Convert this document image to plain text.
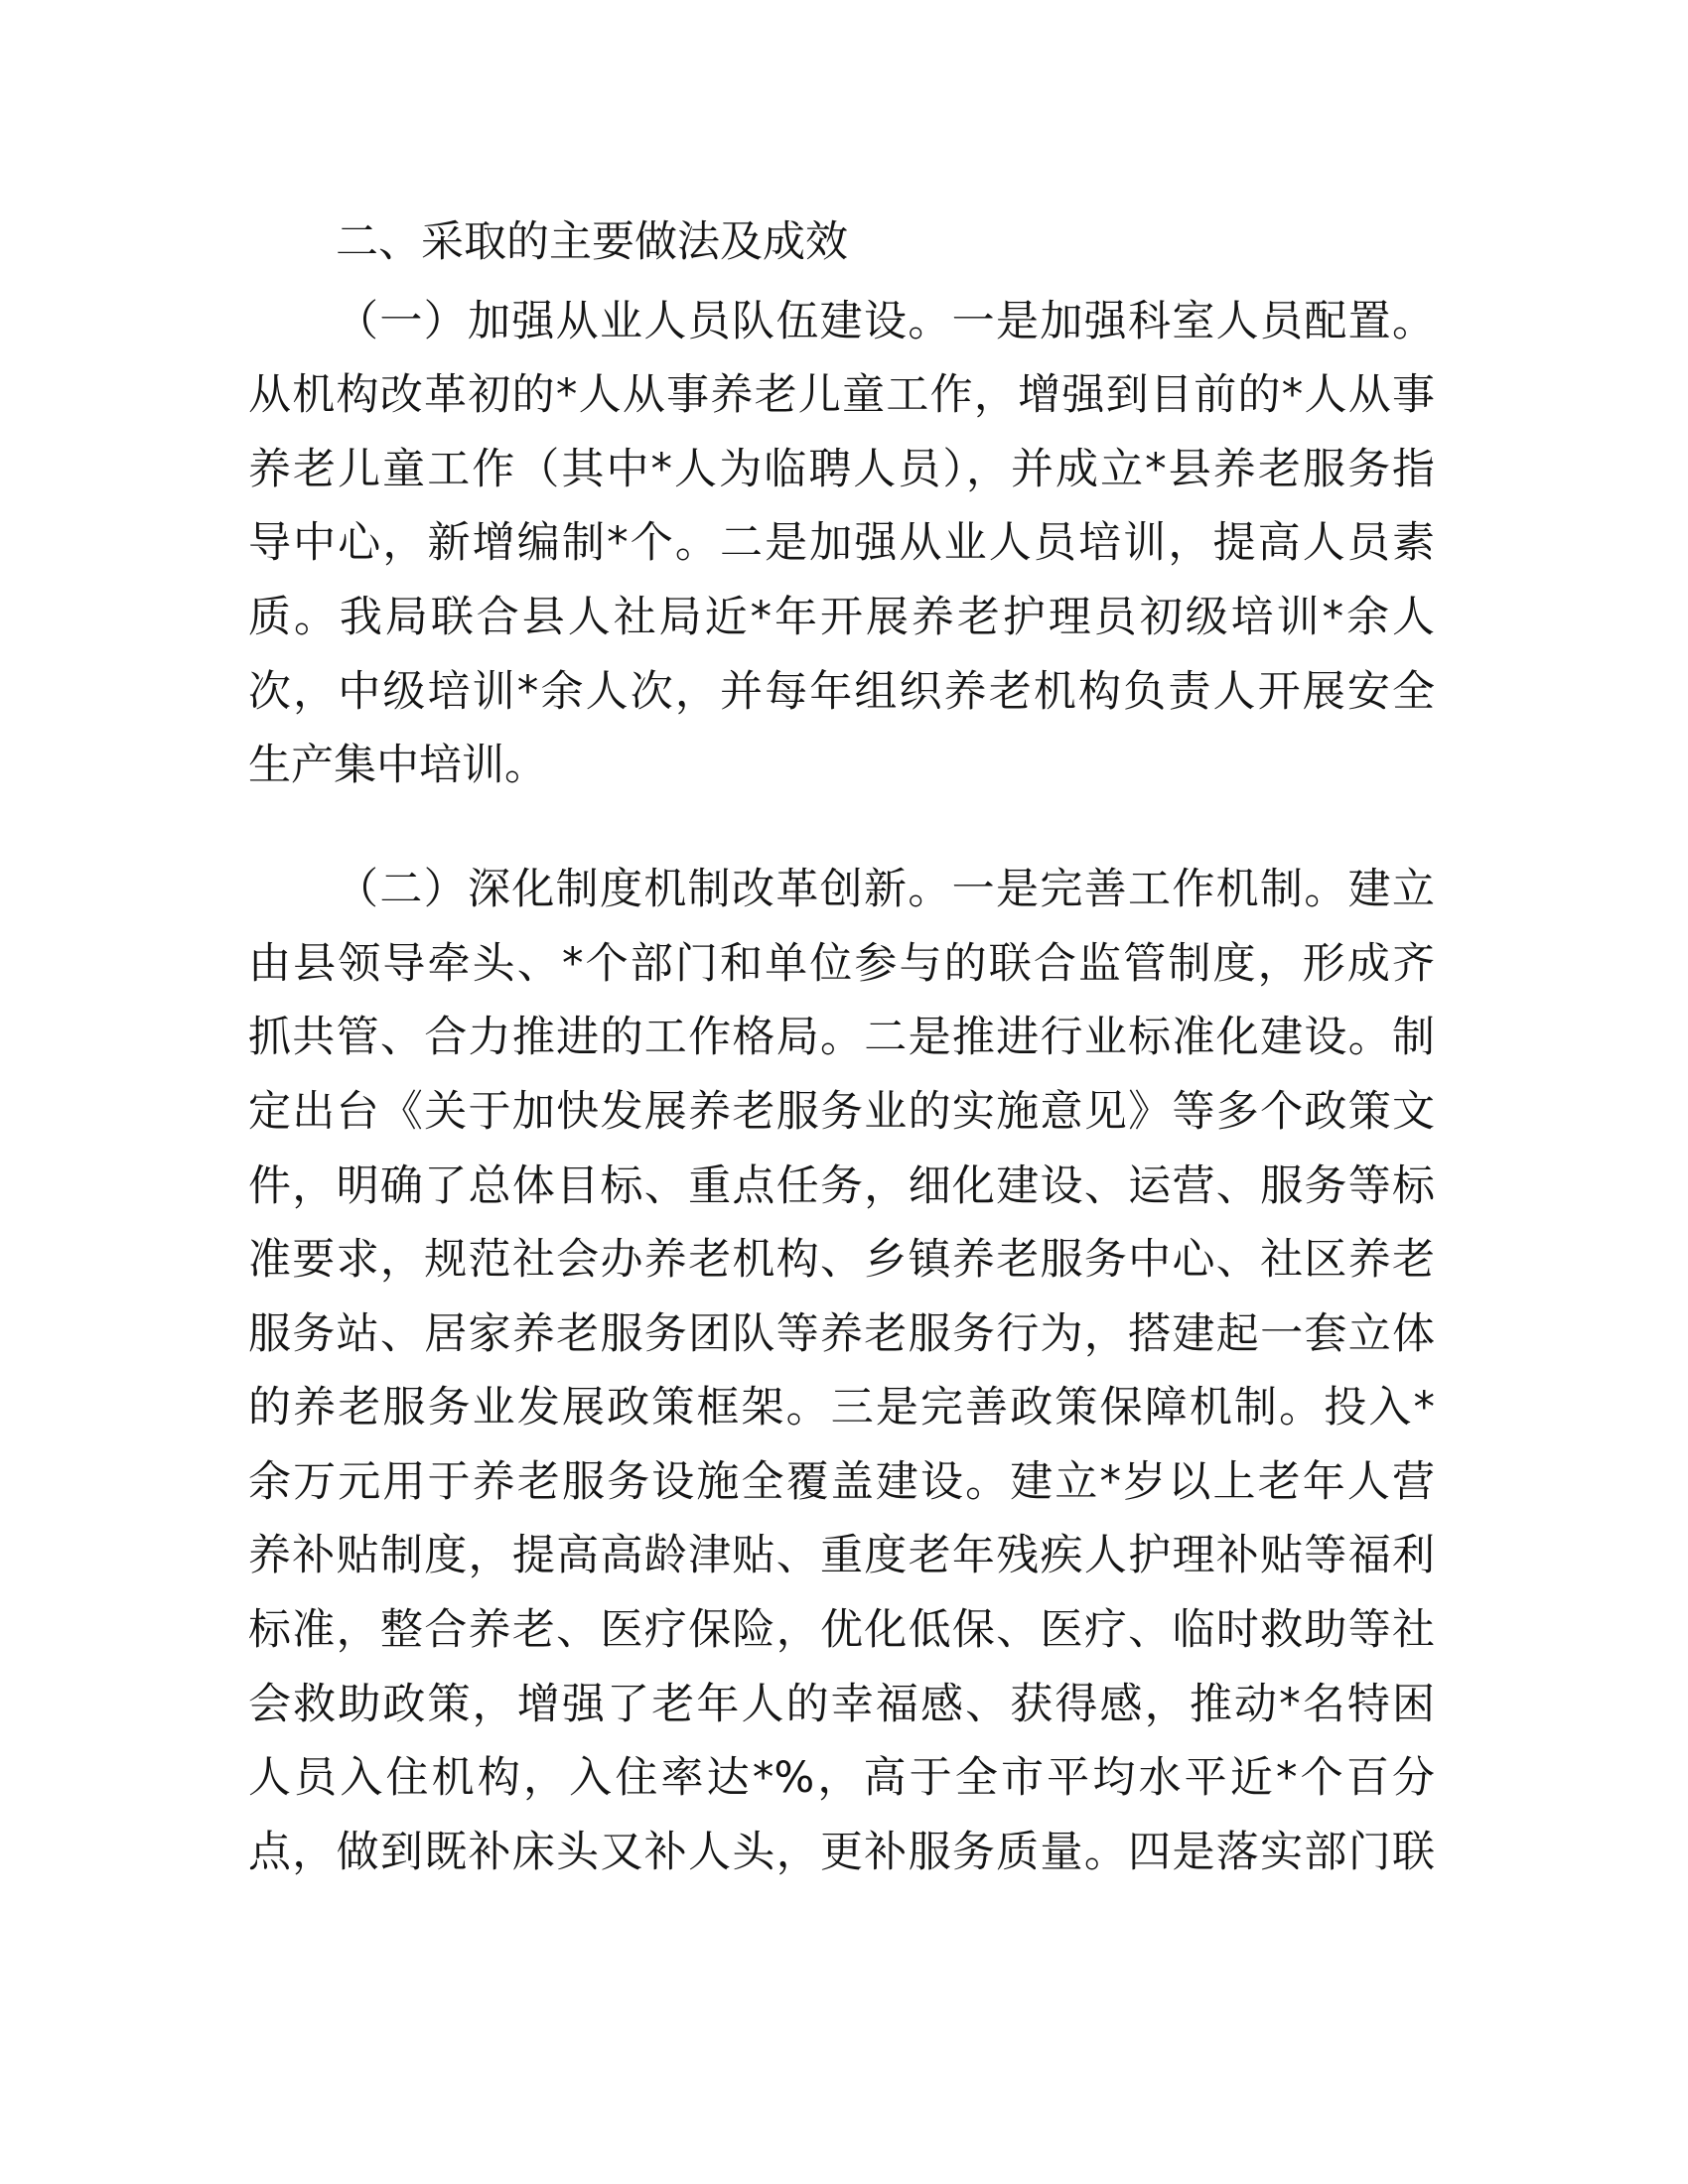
二、采取的主要做法及成效

（一）加强从业人员队伍建设。一是加强科室人员配置。

从机构改革初的*人从事养老儿童工作，增强到目前的*人从事

养老儿童工作（其中*人为临聘人员），并成立*县养老服务指

导中心，新增编制*个。二是加强从业人员培训，提高人员素

质。我局联合县人社局近*年开展养老护理员初级培训*余人

次，中级培训*余人次，并每年组织养老机构负责人开展安全

生产集中培训。

（二）深化制度机制改革创新。一是完善工作机制。建立

由县领导牵头、*个部门和单位参与的联合监管制度，形成齐

抓共管、合力推进的工作格局。二是推进行业标准化建设。制

定出台《关于加快发展养老服务业的实施意见》等多个政策文

件，明确了总体目标、重点任务，细化建设、运营、服务等标

准要求，规范社会办养老机构、乡镇养老服务中心、社区养老

服务站、居家养老服务团队等养老服务行为，搭建起一套立体

的养老服务业发展政策框架。三是完善政策保障机制。投入*

余万元用于养老服务设施全覆盖建设。建立*岁以上老年人营

养补贴制度，提高高龄津贴、重度老年残疾人护理补贴等福利

标准，整合养老、医疗保险，优化低保、医疗、临时救助等社

会救助政策，增强了老年人的幸福感、获得感，推动*名特困

人员入住机构，入住率达*%，高于全市平均水平近*个百分

点，做到既补床头又补人头，更补服务质量。四是落实部门联
